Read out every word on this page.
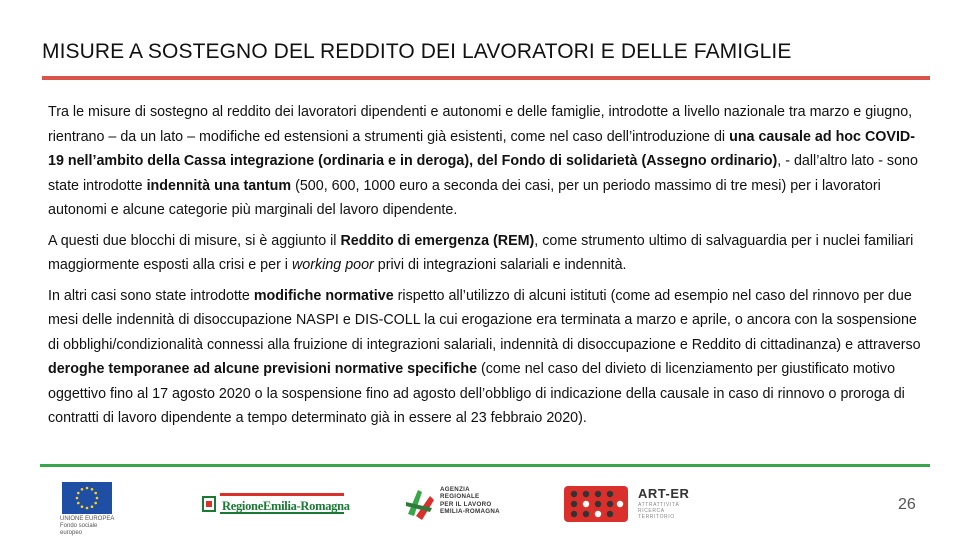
MISURE A SOSTEGNO DEL REDDITO DEI LAVORATORI E DELLE FAMIGLIE

Tra le misure di sostegno al reddito dei lavoratori dipendenti e autonomi e delle famiglie, introdotte a livello nazionale tra marzo e giugno, rientrano – da un lato – modifiche ed estensioni a strumenti già esistenti, come nel caso dell’introduzione di una causale ad hoc COVID-19 nell’ambito della Cassa integrazione (ordinaria e in deroga), del Fondo di solidarietà (Assegno ordinario), - dall’altro lato - sono state introdotte indennità una tantum (500, 600, 1000 euro a seconda dei casi, per un periodo massimo di tre mesi) per i lavoratori autonomi e alcune categorie più marginali del lavoro dipendente.

A questi due blocchi di misure, si è aggiunto il Reddito di emergenza (REM), come strumento ultimo di salvaguardia per i nuclei familiari maggiormente esposti alla crisi e per i working poor privi di integrazioni salariali e indennità.

In altri casi sono state introdotte modifiche normative rispetto all’utilizzo di alcuni istituti (come ad esempio nel caso del rinnovo per due mesi delle indennità di disoccupazione NASPI e DIS-COLL la cui erogazione era terminata a marzo e aprile, o ancora con la sospensione di obblighi/condizionalità connessi alla fruizione di integrazioni salariali, indennità di disoccupazione e Reddito di cittadinanza) e attraverso deroghe temporanee ad alcune previsioni normative specifiche (come nel caso del divieto di licenziamento per giustificato motivo oggettivo fino al 17 agosto 2020 o la sospensione fino ad agosto dell’obbligo di indicazione della causale in caso di rinnovo o proroga di contratti di lavoro dipendente a tempo determinato già in essere al 23 febbraio 2020).

UNIONE EUROPEA Fondo sociale europeo
RegioneEmilia-Romagna
AGENZIA
REGIONALE
PER IL LAVORO
EMILIA-ROMAGNA
ART-ER
ATTRATTIVITÀ
RICERCA
TERRITORIO
26
